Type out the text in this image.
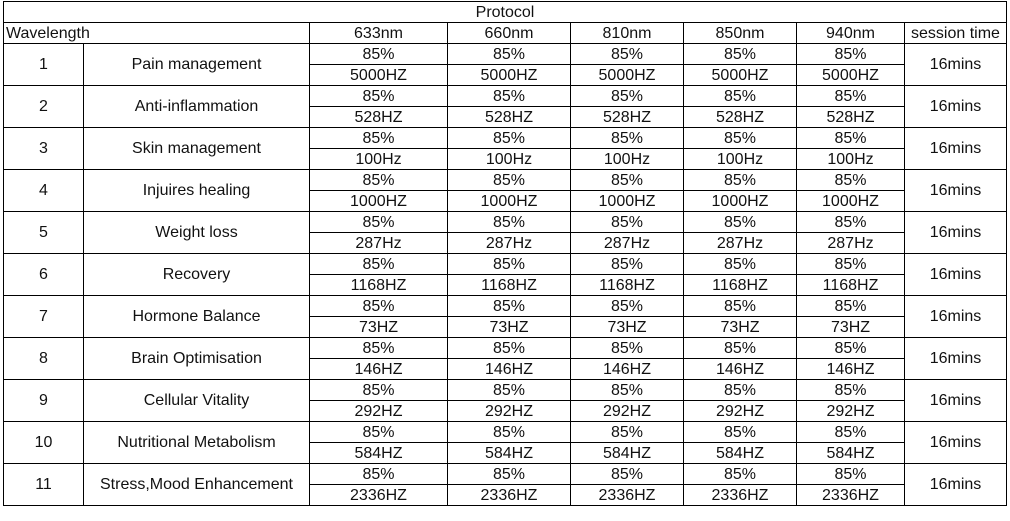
Protocol							
Wavelength		633nm	660nm	810nm	850nm	940nm	session time
1	Pain management	85%	85%	85%	85%	85%	16mins
		5000HZ	5000HZ	5000HZ	5000HZ	5000HZ	
2	Anti-inflammation	85%	85%	85%	85%	85%	16mins
		528HZ	528HZ	528HZ	528HZ	528HZ	
3	Skin management	85%	85%	85%	85%	85%	16mins
		100Hz	100Hz	100Hz	100Hz	100Hz	
4	Injuires healing	85%	85%	85%	85%	85%	16mins
		1000HZ	1000HZ	1000HZ	1000HZ	1000HZ	
5	Weight loss	85%	85%	85%	85%	85%	16mins
		287Hz	287Hz	287Hz	287Hz	287Hz	
6	Recovery	85%	85%	85%	85%	85%	16mins
		1168HZ	1168HZ	1168HZ	1168HZ	1168HZ	
7	Hormone Balance	85%	85%	85%	85%	85%	16mins
		73HZ	73HZ	73HZ	73HZ	73HZ	
8	Brain Optimisation	85%	85%	85%	85%	85%	16mins
		146HZ	146HZ	146HZ	146HZ	146HZ	
9	Cellular Vitality	85%	85%	85%	85%	85%	16mins
		292HZ	292HZ	292HZ	292HZ	292HZ	
10	Nutritional Metabolism	85%	85%	85%	85%	85%	16mins
		584HZ	584HZ	584HZ	584HZ	584HZ	
11	Stress,Mood Enhancement	85%	85%	85%	85%	85%	16mins
		2336HZ	2336HZ	2336HZ	2336HZ	2336HZ	
